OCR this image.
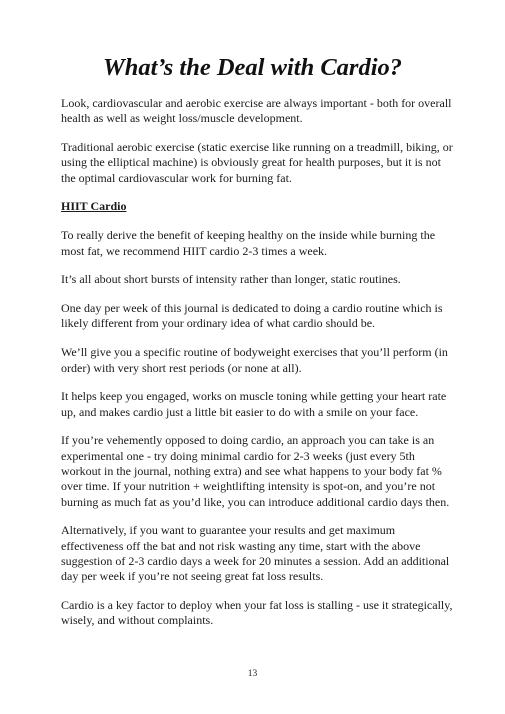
What’s the Deal with Cardio?

Look, cardiovascular and aerobic exercise are always important - both for overall health as well as weight loss/muscle development.

Traditional aerobic exercise (static exercise like running on a treadmill, biking, or using the elliptical machine) is obviously great for health purposes, but it is not the optimal cardiovascular work for burning fat.

HIIT Cardio

To really derive the benefit of keeping healthy on the inside while burning the most fat, we recommend HIIT cardio 2-3 times a week.

It’s all about short bursts of intensity rather than longer, static routines.

One day per week of this journal is dedicated to doing a cardio routine which is likely different from your ordinary idea of what cardio should be.

We’ll give you a specific routine of bodyweight exercises that you’ll perform (in order) with very short rest periods (or none at all).

It helps keep you engaged, works on muscle toning while getting your heart rate up, and makes cardio just a little bit easier to do with a smile on your face.

If you’re vehemently opposed to doing cardio, an approach you can take is an experimental one - try doing minimal cardio for 2-3 weeks (just every 5th workout in the journal, nothing extra) and see what happens to your body fat % over time. If your nutrition + weightlifting intensity is spot-on, and you’re not burning as much fat as you’d like, you can introduce additional cardio days then.

Alternatively, if you want to guarantee your results and get maximum effectiveness off the bat and not risk wasting any time, start with the above suggestion of 2-3 cardio days a week for 20 minutes a session. Add an additional day per week if you’re not seeing great fat loss results.

Cardio is a key factor to deploy when your fat loss is stalling - use it strategically, wisely, and without complaints.

13
